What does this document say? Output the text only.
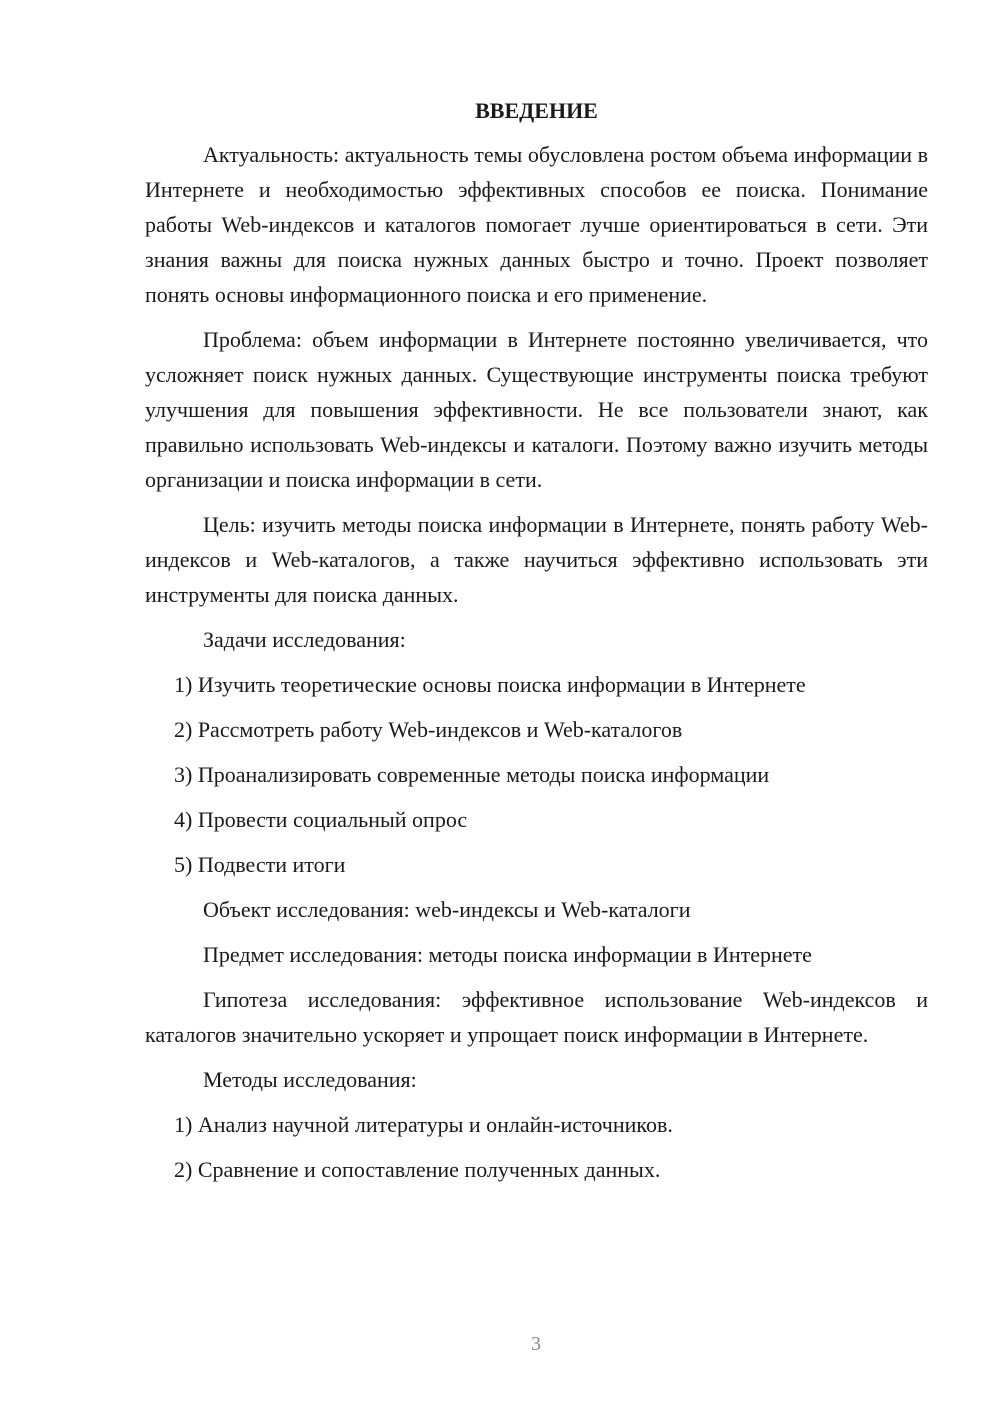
ВВЕДЕНИЕ
Актуальность: актуальность темы обусловлена ростом объема информации в Интернете и необходимостью эффективных способов ее поиска. Понимание работы Web-индексов и каталогов помогает лучше ориентироваться в сети. Эти знания важны для поиска нужных данных быстро и точно. Проект позволяет понять основы информационного поиска и его применение.
Проблема: объем информации в Интернете постоянно увеличивается, что усложняет поиск нужных данных. Существующие инструменты поиска требуют улучшения для повышения эффективности. Не все пользователи знают, как правильно использовать Web-индексы и каталоги. Поэтому важно изучить методы организации и поиска информации в сети.
Цель: изучить методы поиска информации в Интернете, понять работу Web-индексов и Web-каталогов, а также научиться эффективно использовать эти инструменты для поиска данных.
Задачи исследования:
1) Изучить теоретические основы поиска информации в Интернете
2) Рассмотреть работу Web-индексов и Web-каталогов
3) Проанализировать современные методы поиска информации
4) Провести социальный опрос
5) Подвести итоги
Объект исследования: web-индексы и Web-каталоги
Предмет исследования: методы поиска информации в Интернете
Гипотеза исследования: эффективное использование Web-индексов и каталогов значительно ускоряет и упрощает поиск информации в Интернете.
Методы исследования:
1) Анализ научной литературы и онлайн-источников.
2) Сравнение и сопоставление полученных данных.
3
